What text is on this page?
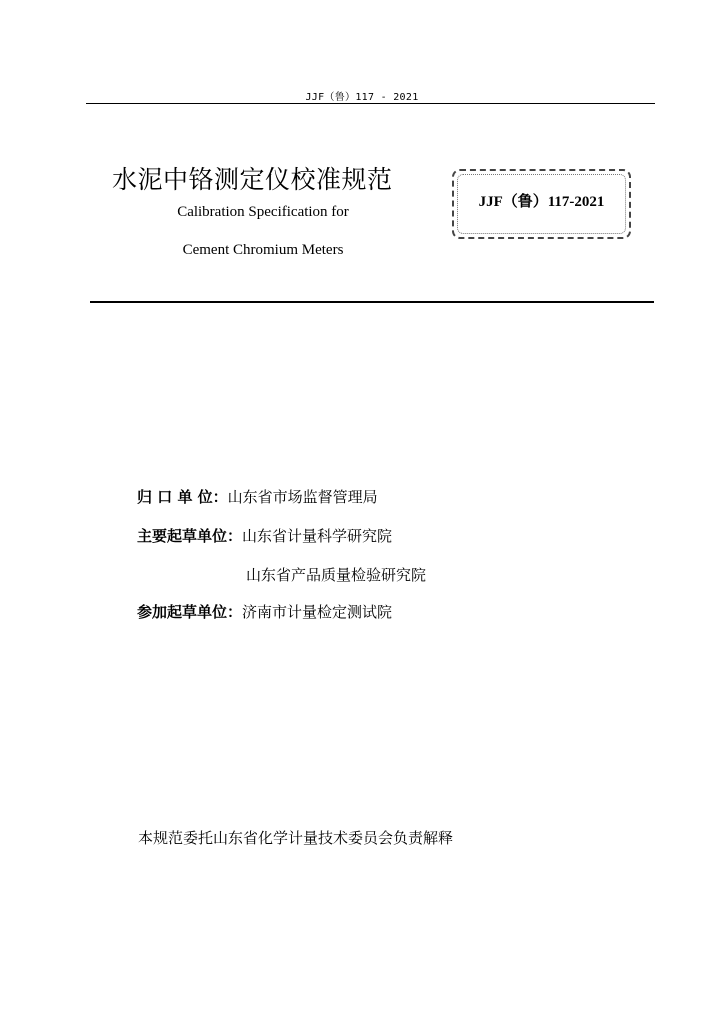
JJF（鲁）117 - 2021
水泥中铬测定仪校准规范
Calibration Specification for
Cement Chromium Meters
JJF（鲁）117-2021
归 口 单 位：山东省市场监督管理局
主要起草单位：山东省计量科学研究院
山东省产品质量检验研究院
参加起草单位：济南市计量检定测试院
本规范委托山东省化学计量技术委员会负责解释
